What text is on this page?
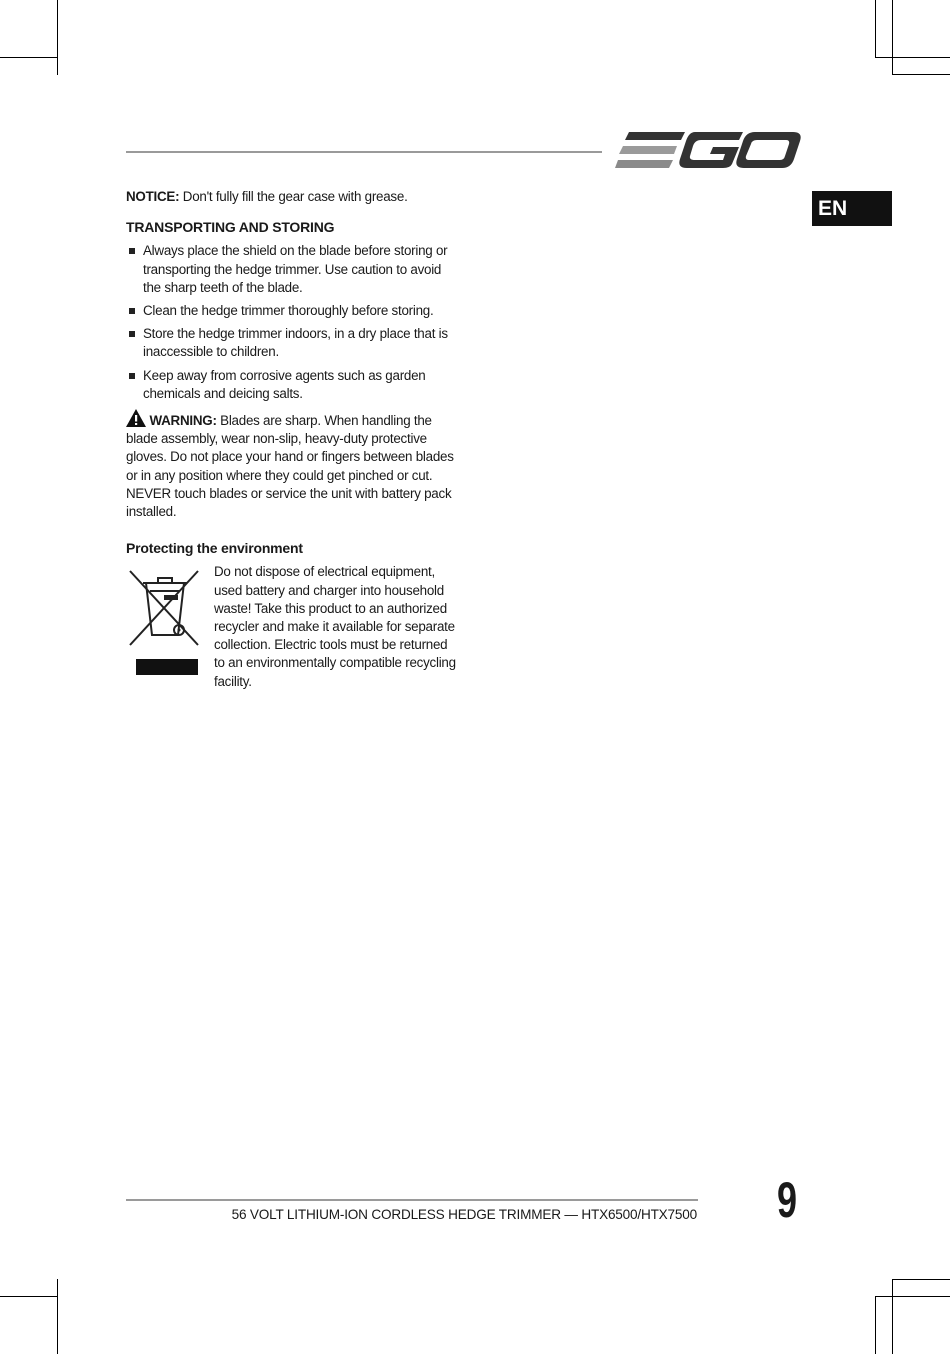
EN

NOTICE: Don't fully fill the gear case with grease.

TRANSPORTING AND STORING
Always place the shield on the blade before storing or transporting the hedge trimmer. Use caution to avoid the sharp teeth of the blade.
Clean the hedge trimmer thoroughly before storing.
Store the hedge trimmer indoors, in a dry place that is inaccessible to children.
Keep away from corrosive agents such as garden chemicals and deicing salts.

WARNING: Blades are sharp. When handling the blade assembly, wear non-slip, heavy-duty protective gloves. Do not place your hand or fingers between blades or in any position where they could get pinched or cut. NEVER touch blades or service the unit with battery pack installed.

Protecting the environment
Do not dispose of electrical equipment, used battery and charger into household waste! Take this product to an authorized recycler and make it available for separate collection. Electric tools must be returned to an environmentally compatible recycling facility.
56 VOLT LITHIUM-ION CORDLESS HEDGE TRIMMER — HTX6500/HTX7500 9
